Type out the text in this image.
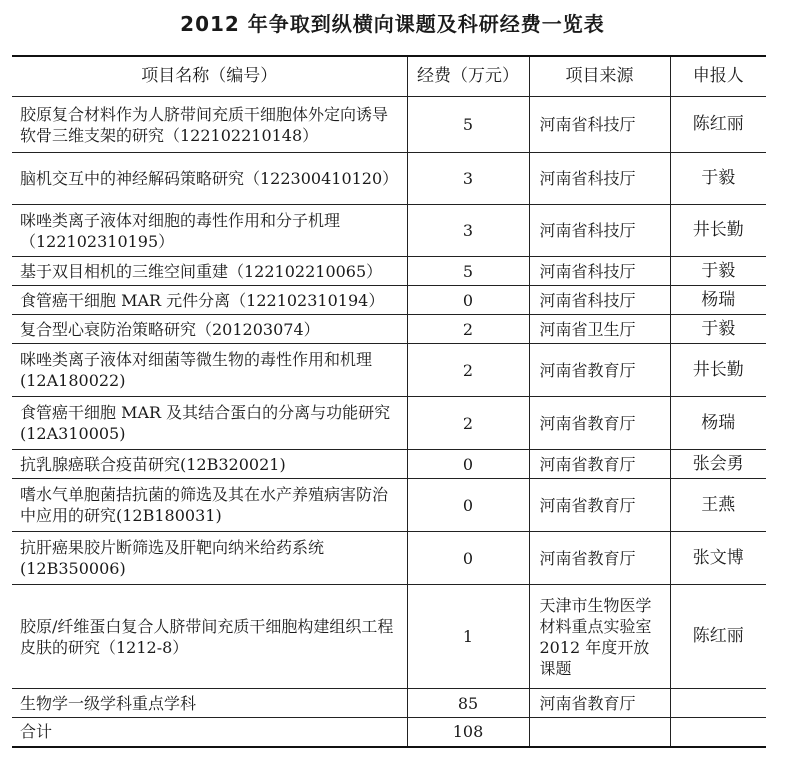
2012 年争取到纵横向课题及科研经费一览表
项目名称（编号）	经费（万元）	项目来源	申报人
胶原复合材料作为人脐带间充质干细胞体外定向诱导软骨三维支架的研究（122102210148）	5	河南省科技厅	陈红丽
脑机交互中的神经解码策略研究（122300410120）	3	河南省科技厅	于毅
咪唑类离子液体对细胞的毒性作用和分子机理（122102310195）	3	河南省科技厅	井长勤
基于双目相机的三维空间重建（122102210065）	5	河南省科技厅	于毅
食管癌干细胞 MAR 元件分离（122102310194）	0	河南省科技厅	杨瑞
复合型心衰防治策略研究（201203074）	2	河南省卫生厅	于毅
咪唑类离子液体对细菌等微生物的毒性作用和机理(12A180022)	2	河南省教育厅	井长勤
食管癌干细胞 MAR 及其结合蛋白的分离与功能研究(12A310005)	2	河南省教育厅	杨瑞
抗乳腺癌联合疫苗研究(12B320021)	0	河南省教育厅	张会勇
嗜水气单胞菌拮抗菌的筛选及其在水产养殖病害防治中应用的研究(12B180031)	0	河南省教育厅	王燕
抗肝癌果胶片断筛选及肝靶向纳米给药系统(12B350006)	0	河南省教育厅	张文博
胶原/纤维蛋白复合人脐带间充质干细胞构建组织工程皮肤的研究（1212-8）	1	天津市生物医学材料重点实验室 2012 年度开放课题	陈红丽
生物学一级学科重点学科	85	河南省教育厅	
合计	108		
